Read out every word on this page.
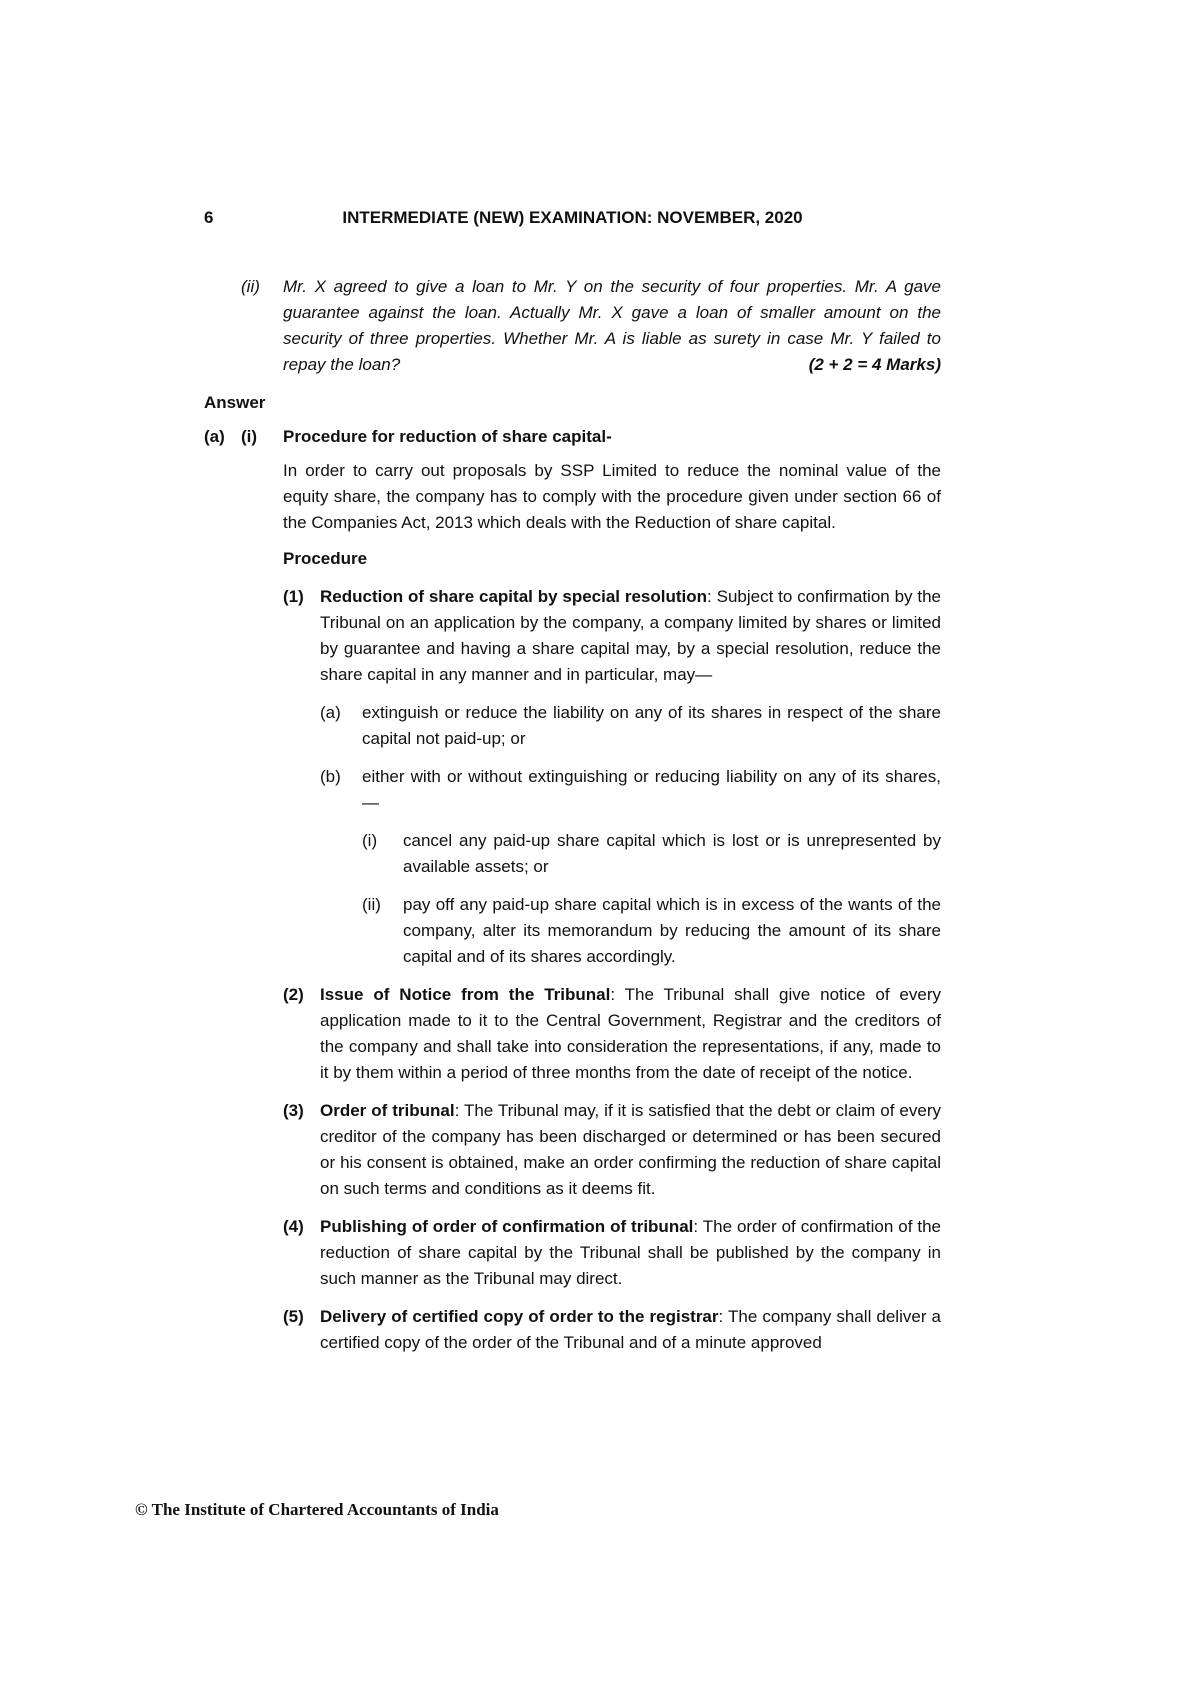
6	INTERMEDIATE (NEW) EXAMINATION: NOVEMBER, 2020
(ii)	Mr. X agreed to give a loan to Mr. Y on the security of four properties. Mr. A gave guarantee against the loan. Actually Mr. X gave a loan of smaller amount on the security of three properties. Whether Mr. A is liable as surety in case Mr. Y failed to repay the loan?	(2 + 2 = 4 Marks)
Answer
(a) (i)	Procedure for reduction of share capital-

In order to carry out proposals by SSP Limited to reduce the nominal value of the equity share, the company has to comply with the procedure given under section 66 of the Companies Act, 2013 which deals with the Reduction of share capital.

Procedure
(1) Reduction of share capital by special resolution: Subject to confirmation by the Tribunal on an application by the company, a company limited by shares or limited by guarantee and having a share capital may, by a special resolution, reduce the share capital in any manner and in particular, may—

(a)	extinguish or reduce the liability on any of its shares in respect of the share capital not paid-up; or

(b)	either with or without extinguishing or reducing liability on any of its shares,—

(i)	cancel any paid-up share capital which is lost or is unrepresented by available assets; or

(ii)	pay off any paid-up share capital which is in excess of the wants of the company, alter its memorandum by reducing the amount of its share capital and of its shares accordingly.

(2) Issue of Notice from the Tribunal: The Tribunal shall give notice of every application made to it to the Central Government, Registrar and the creditors of the company and shall take into consideration the representations, if any, made to it by them within a period of three months from the date of receipt of the notice.

(3) Order of tribunal: The Tribunal may, if it is satisfied that the debt or claim of every creditor of the company has been discharged or determined or has been secured or his consent is obtained, make an order confirming the reduction of share capital on such terms and conditions as it deems fit.

(4) Publishing of order of confirmation of tribunal: The order of confirmation of the reduction of share capital by the Tribunal shall be published by the company in such manner as the Tribunal may direct.

(5) Delivery of certified copy of order to the registrar: The company shall deliver a certified copy of the order of the Tribunal and of a minute approved

© The Institute of Chartered Accountants of India
